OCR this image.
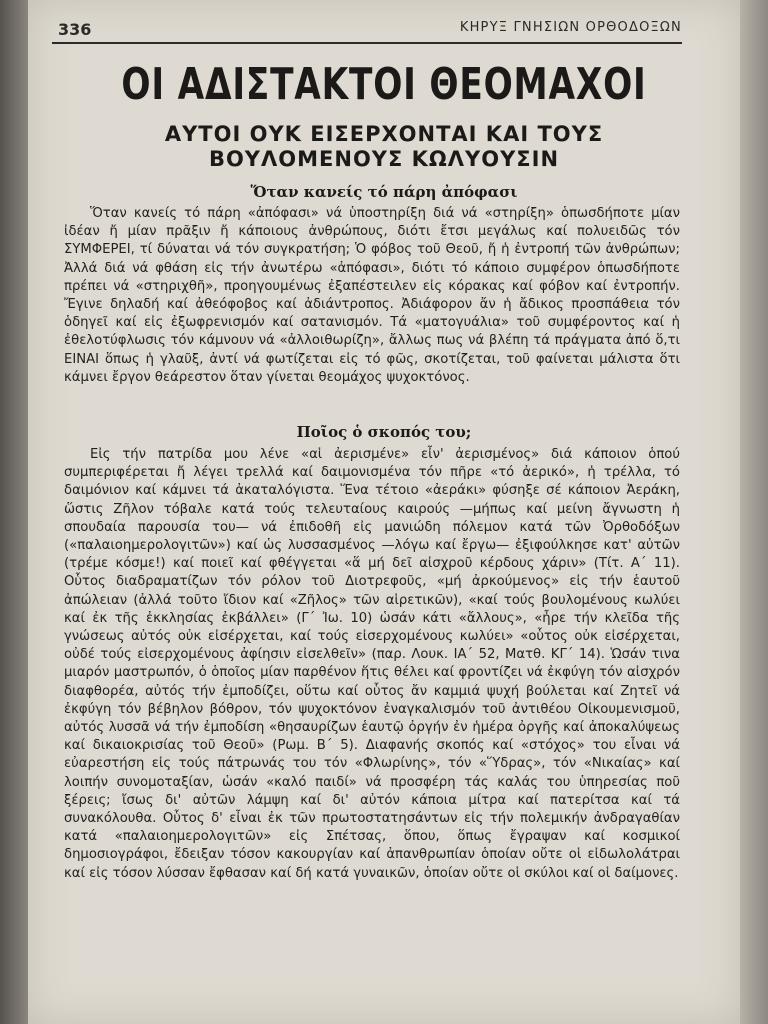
336	ΚΗΡΥΞ ΓΝΗΣΙΩΝ ΟΡΘΟΔΟΞΩΝ
ΟΙ ΑΔΙΣΤΑΚΤΟΙ ΘΕΟΜΑΧΟΙ
ΑΥΤΟΙ ΟΥΚ ΕΙΣΕΡΧΟΝΤΑΙ ΚΑΙ ΤΟΥΣ
ΒΟΥΛΟΜΕΝΟΥΣ ΚΩΛΥΟΥΣΙΝ
Ὅταν κανείς τό πάρη ἀπόφασι

Ὅταν κανείς τό πάρη «ἀπόφασι» νά ὑποστηρίξη διά νά «στηρίξη» ὁπωσδήποτε μίαν ἰδέαν ἤ μίαν πρᾶξιν ἤ κάποιους ἀνθρώπους, διότι ἔτσι μεγάλως καί πολυειδῶς τόν ΣΥΜΦΕΡΕΙ, τί δύναται νά τόν συγκρατήση; Ὁ φόβος τοῦ Θεοῦ, ἤ ἡ ἐντροπή τῶν ἀνθρώπων; Ἀλλά διά νά φθάση εἰς τήν ἀνωτέρω «ἀπόφασι», διότι τό κάποιο συμφέρον ὁπωσδήποτε πρέπει νά «στηριχθῆ», προηγουμένως ἐξαπέστειλεν εἰς κόρακας καί φόβον καί ἐντροπήν. Ἔγινε δηλαδή καί ἀθεόφοβος καί ἀδιάντροπος. Ἀδιάφορον ἄν ἡ ἄδικος προσπάθεια τόν ὁδηγεῖ καί εἰς ἐξωφρενισμόν καί σατανισμόν. Τά «ματογυάλια» τοῦ συμφέροντος καί ἡ ἐθελοτύφλωσις τόν κάμνουν νά «ἀλλοιθωρίζη», ἄλλως πως νά βλέπη τά πράγματα ἀπό ὅ,τι ΕΙΝΑΙ ὅπως ἡ γλαῦξ, ἀντί νά φωτίζεται εἰς τό φῶς, σκοτίζεται, τοῦ φαίνεται μάλιστα ὅτι κάμνει ἔργον θεάρεστον ὅταν γίνεται θεομάχος ψυχοκτόνος.

Ποῖος ὁ σκοπός του;

Εἰς τήν πατρίδα μου λένε «αἱ ἀερισμένε» εἶν' ἀερισμένος» διά κάποιον ὁπού συμπεριφέρεται ἤ λέγει τρελλά καί δαιμονισμένα τόν πῆρε «τό ἀερικό», ἡ τρέλλα, τό δαιμόνιον καί κάμνει τά ἀκαταλόγιστα. Ἕνα τέτοιο «ἀεράκι» φύσηξε σέ κάποιον Ἀεράκη, ὥστις Ζῆλον τόβαλε κατά τούς τελευταίους καιρούς —μήπως καί μείνη ἄγνωστη ἡ σπουδαία παρουσία του— νά ἐπιδοθῆ εἰς μανιώδη πόλεμον κατά τῶν Ὀρθοδόξων («παλαιοημερολογιτῶν») καί ὡς λυσσασμένος —λόγω καί ἔργω— ἐξιφούλκησε κατ' αὐτῶν (τρέμε κόσμε!) καί ποιεῖ καί φθέγγεται «ἅ μή δεῖ αἰσχροῦ κέρδους χάριν» (Τίτ. Α΄ 11). Οὗτος διαδραματίζων τόν ρόλον τοῦ Διοτρεφοῦς, «μή ἀρκούμενος» εἰς τήν ἑαυτοῦ ἀπώλειαν (ἀλλά τοῦτο ἴδιον καί «Ζῆλος» τῶν αἱρετικῶν), «καί τούς βουλομένους κωλύει καί ἐκ τῆς ἐκκλησίας ἐκβάλλει» (Γ΄ Ἰω. 10) ὡσάν κάτι «ἄλλους», «ἦρε τήν κλεῖδα τῆς γνώσεως αὐτός οὐκ εἰσέρχεται, καί τούς εἰσερχομένους κωλύει» «οὗτος οὐκ εἰσέρχεται, οὐδέ τούς εἰσερχομένους ἀφίησιν εἰσελθεῖν» (παρ. Λουκ. ΙΑ΄ 52, Ματθ. ΚΓ΄ 14). Ὡσάν τινα μιαρόν μαστρωπόν, ὁ ὁποῖος μίαν παρθένον ἥτις θέλει καί φροντίζει νά ἐκφύγη τόν αἰσχρόν διαφθορέα, αὐτός τήν ἐμποδίζει, οὕτω καί οὗτος ἄν καμμιά ψυχή βούλεται καί Ζητεῖ νά ἐκφύγη τόν βέβηλον βόθρον, τόν ψυχοκτόνον ἐναγκαλισμόν τοῦ ἀντιθέου Οἰκουμενισμοῦ, αὐτός λυσσᾶ νά τήν ἐμποδίση «θησαυρίζων ἑαυτῷ ὀργήν ἐν ἡμέρα ὀργῆς καί ἀποκαλύψεως καί δικαιοκρισίας τοῦ Θεοῦ» (Ρωμ. Β΄ 5). Διαφανής σκοπός καί «στόχος» του εἶναι νά εὐαρεστήση εἰς τούς πάτρωνάς του τόν «Φλωρίνης», τόν «Ὕδρας», τόν «Νικαίας» καί λοιπήν συνομοταξίαν, ὡσάν «καλό παιδί» νά προσφέρη τάς καλάς του ὑπηρεσίας ποῦ ξέρεις; ἴσως δι' αὐτῶν λάμψη καί δι' αὐτόν κάποια μίτρα καί πατερίτσα καί τά συνακόλουθα. Οὗτος δ' εἶναι ἐκ τῶν πρωτοστατησάντων εἰς τήν πολεμικήν ἀνδραγαθίαν κατά «παλαιοημερολογιτῶν» εἰς Σπέτσας, ὅπου, ὅπως ἔγραψαν καί κοσμικοί δημοσιογράφοι, ἔδειξαν τόσον κακουργίαν καί ἀπανθρωπίαν ὁποίαν οὔτε οἱ εἰδωλολάτραι καί εἰς τόσον λύσσαν ἔφθασαν καί δή κατά γυναικῶν, ὁποίαν οὔτε οἱ σκύλοι καί οἱ δαίμονες.
